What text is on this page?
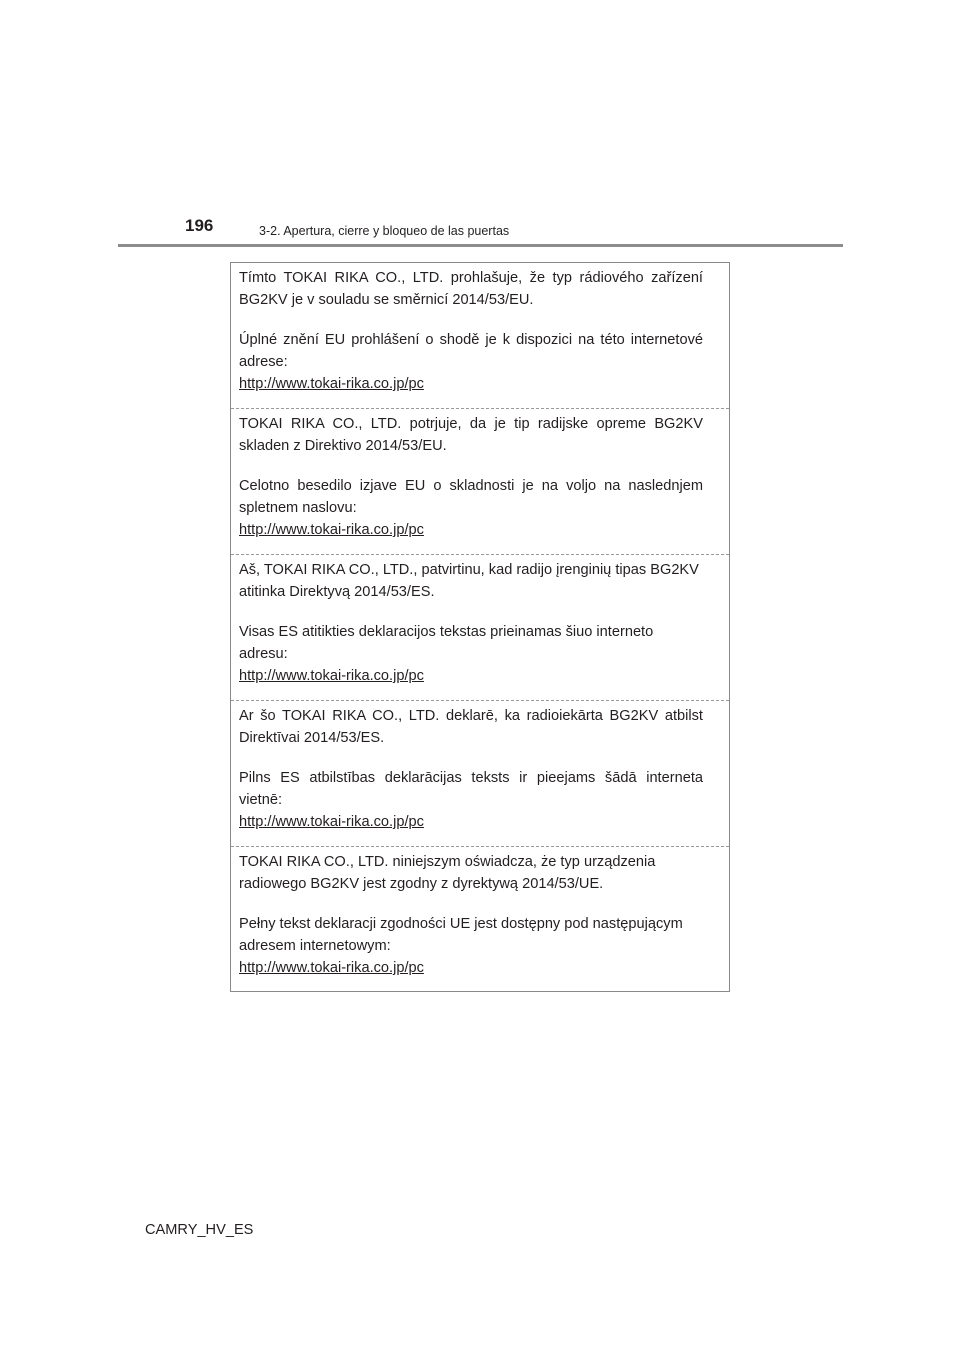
196	3-2. Apertura, cierre y bloqueo de las puertas

Tímto TOKAI RIKA CO., LTD. prohlašuje, že typ rádiového zařízení BG2KV je v souladu se směrnicí 2014/53/EU.

Úplné znění EU prohlášení o shodě je k dispozici na této internetové adrese:
http://www.tokai-rika.co.jp/pc

TOKAI RIKA CO., LTD. potrjuje, da je tip radijske opreme BG2KV skladen z Direktivo 2014/53/EU.

Celotno besedilo izjave EU o skladnosti je na voljo na naslednjem spletnem naslovu:
http://www.tokai-rika.co.jp/pc

Aš, TOKAI RIKA CO., LTD., patvirtinu, kad radijo įrenginių tipas BG2KV atitinka Direktyvą 2014/53/ES.

Visas ES atitikties deklaracijos tekstas prieinamas šiuo interneto adresu:
http://www.tokai-rika.co.jp/pc

Ar šo TOKAI RIKA CO., LTD. deklarē, ka radioiekārta BG2KV atbilst Direktīvai 2014/53/ES.

Pilns ES atbilstības deklarācijas teksts ir pieejams šādā interneta vietnē:
http://www.tokai-rika.co.jp/pc

TOKAI RIKA CO., LTD. niniejszym oświadcza, że typ urządzenia radiowego BG2KV jest zgodny z dyrektywą 2014/53/UE.

Pełny tekst deklaracji zgodności UE jest dostępny pod następującym adresem internetowym:
http://www.tokai-rika.co.jp/pc

CAMRY_HV_ES
